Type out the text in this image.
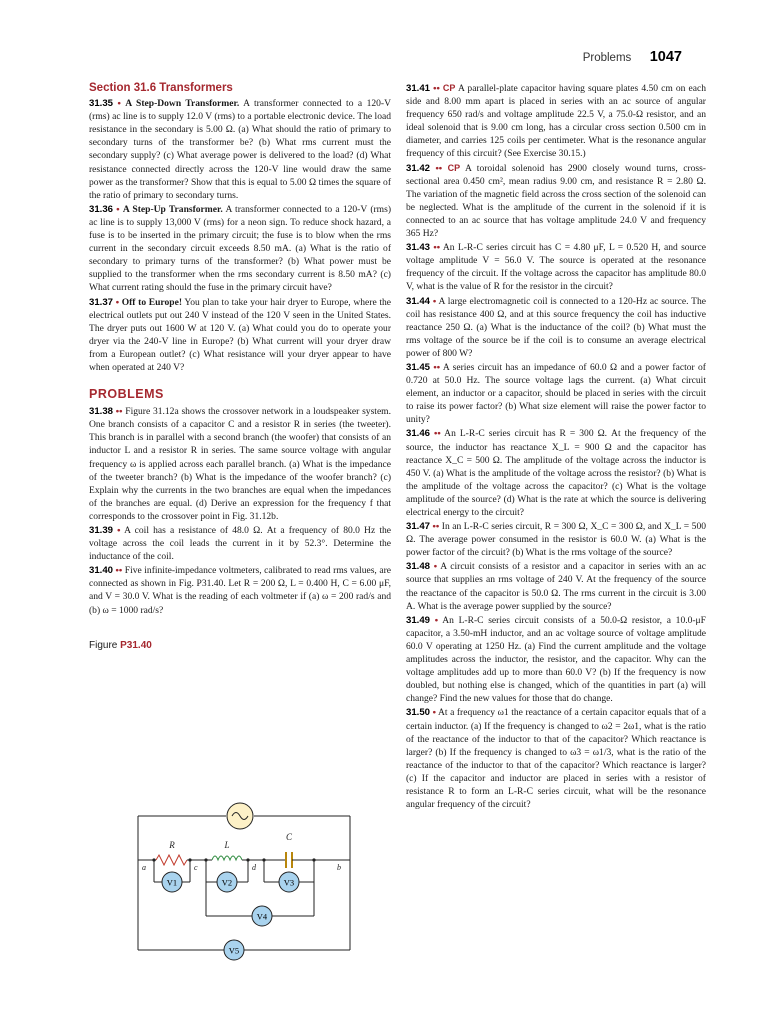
Problems 1047
Section 31.6 Transformers

31.35 • A Step-Down Transformer. A transformer connected to a 120-V (rms) ac line is to supply 12.0 V (rms) to a portable electronic device. The load resistance in the secondary is 5.00 Ω. (a) What should the ratio of primary to secondary turns of the transformer be? (b) What rms current must the secondary supply? (c) What average power is delivered to the load? (d) What resistance connected directly across the 120-V line would draw the same power as the transformer? Show that this is equal to 5.00 Ω times the square of the ratio of primary to secondary turns.

31.36 • A Step-Up Transformer. A transformer connected to a 120-V (rms) ac line is to supply 13,000 V (rms) for a neon sign. To reduce shock hazard, a fuse is to be inserted in the primary circuit; the fuse is to blow when the rms current in the secondary circuit exceeds 8.50 mA. (a) What is the ratio of secondary to primary turns of the transformer? (b) What power must be supplied to the transformer when the rms secondary current is 8.50 mA? (c) What current rating should the fuse in the primary circuit have?

31.37 • Off to Europe! You plan to take your hair dryer to Europe, where the electrical outlets put out 240 V instead of the 120 V seen in the United States. The dryer puts out 1600 W at 120 V. (a) What could you do to operate your dryer via the 240-V line in Europe? (b) What current will your dryer draw from a European outlet? (c) What resistance will your dryer appear to have when operated at 240 V?

PROBLEMS

31.38 •• Figure 31.12a shows the crossover network in a loudspeaker system. One branch consists of a capacitor C and a resistor R in series (the tweeter). This branch is in parallel with a second branch (the woofer) that consists of an inductor L and a resistor R in series. The same source voltage with angular frequency ω is applied across each parallel branch. (a) What is the impedance of the tweeter branch? (b) What is the impedance of the woofer branch? (c) Explain why the currents in the two branches are equal when the impedances of the branches are equal. (d) Derive an expression for the frequency f that corresponds to the crossover point in Fig. 31.12b.

31.39 • A coil has a resistance of 48.0 Ω. At a frequency of 80.0 Hz the voltage across the coil leads the current in it by 52.3°. Determine the inductance of the coil.

31.40 •• Five infinite-impedance voltmeters, calibrated to read rms values, are connected as shown in Fig. P31.40. Let R = 200 Ω, L = 0.400 H, C = 6.00 μF, and V = 30.0 V. What is the reading of each voltmeter if (a) ω = 200 rad/s and (b) ω = 1000 rad/s?

Figure P31.40
V1	V2	V3
V4
V5
R	L
C
a	c	d	b

31.41 •• CP A parallel-plate capacitor having square plates 4.50 cm on each side and 8.00 mm apart is placed in series with an ac source of angular frequency 650 rad/s and voltage amplitude 22.5 V, a 75.0-Ω resistor, and an ideal solenoid that is 9.00 cm long, has a circular cross section 0.500 cm in diameter, and carries 125 coils per centimeter. What is the resonance angular frequency of this circuit? (See Exercise 30.15.)

31.42 •• CP A toroidal solenoid has 2900 closely wound turns, cross-sectional area 0.450 cm², mean radius 9.00 cm, and resistance R = 2.80 Ω. The variation of the magnetic field across the cross section of the solenoid can be neglected. What is the amplitude of the current in the solenoid if it is connected to an ac source that has voltage amplitude 24.0 V and frequency 365 Hz?

31.43 •• An L-R-C series circuit has C = 4.80 μF, L = 0.520 H, and source voltage amplitude V = 56.0 V. The source is operated at the resonance frequency of the circuit. If the voltage across the capacitor has amplitude 80.0 V, what is the value of R for the resistor in the circuit?

31.44 • A large electromagnetic coil is connected to a 120-Hz ac source. The coil has resistance 400 Ω, and at this source frequency the coil has inductive reactance 250 Ω. (a) What is the inductance of the coil? (b) What must the rms voltage of the source be if the coil is to consume an average electrical power of 800 W?

31.45 •• A series circuit has an impedance of 60.0 Ω and a power factor of 0.720 at 50.0 Hz. The source voltage lags the current. (a) What circuit element, an inductor or a capacitor, should be placed in series with the circuit to raise its power factor? (b) What size element will raise the power factor to unity?

31.46 •• An L-R-C series circuit has R = 300 Ω. At the frequency of the source, the inductor has reactance X_L = 900 Ω and the capacitor has reactance X_C = 500 Ω. The amplitude of the voltage across the inductor is 450 V. (a) What is the amplitude of the voltage across the resistor? (b) What is the amplitude of the voltage across the capacitor? (c) What is the voltage amplitude of the source? (d) What is the rate at which the source is delivering electrical energy to the circuit?

31.47 •• In an L-R-C series circuit, R = 300 Ω, X_C = 300 Ω, and X_L = 500 Ω. The average power consumed in the resistor is 60.0 W. (a) What is the power factor of the circuit? (b) What is the rms voltage of the source?

31.48 • A circuit consists of a resistor and a capacitor in series with an ac source that supplies an rms voltage of 240 V. At the frequency of the source the reactance of the capacitor is 50.0 Ω. The rms current in the circuit is 3.00 A. What is the average power supplied by the source?

31.49 • An L-R-C series circuit consists of a 50.0-Ω resistor, a 10.0-μF capacitor, a 3.50-mH inductor, and an ac voltage source of voltage amplitude 60.0 V operating at 1250 Hz. (a) Find the current amplitude and the voltage amplitudes across the inductor, the resistor, and the capacitor. Why can the voltage amplitudes add up to more than 60.0 V? (b) If the frequency is now doubled, but nothing else is changed, which of the quantities in part (a) will change? Find the new values for those that do change.

31.50 • At a frequency ω1 the reactance of a certain capacitor equals that of a certain inductor. (a) If the frequency is changed to ω2 = 2ω1, what is the ratio of the reactance of the inductor to that of the capacitor? Which reactance is larger? (b) If the frequency is changed to ω3 = ω1/3, what is the ratio of the reactance of the inductor to that of the capacitor? Which reactance is larger? (c) If the capacitor and inductor are placed in series with a resistor of resistance R to form an L-R-C series circuit, what will be the resonance angular frequency of the circuit?
